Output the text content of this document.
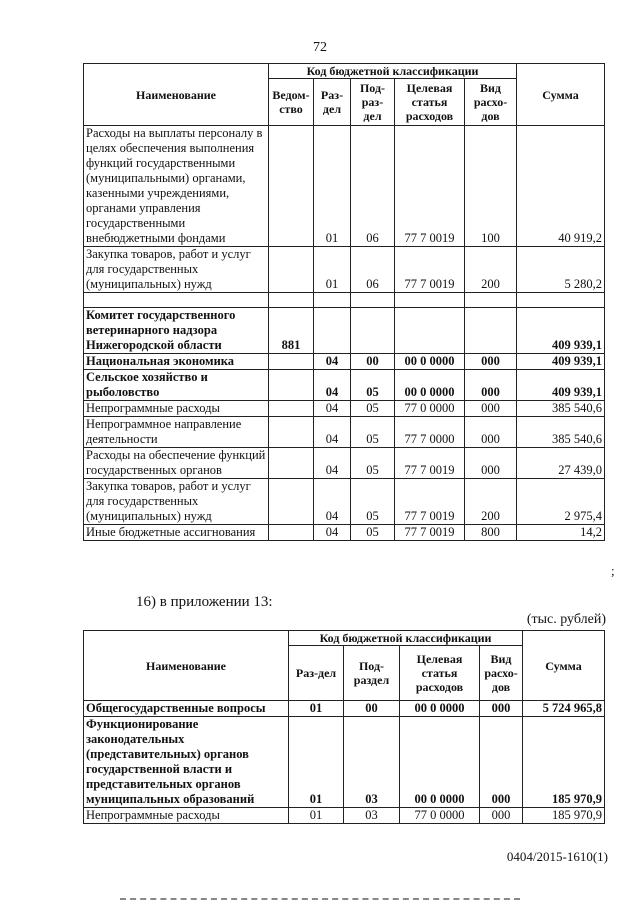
72
Наименование	Код бюджетной классификации					Сумма
	Ведом-ство	Раз-дел	Под-раз-дел	Целевая статья расходов	Вид расхо-дов	
Расходы на выплаты персоналу в целях обеспечения выполнения функций государственными (муниципальными) органами, казенными учреждениями, органами управления государственными внебюджетными фондами		01	06	77 7 0019	100	40 919,2
Закупка товаров, работ и услуг для государственных (муниципальных) нужд		01	06	77 7 0019	200	5 280,2

Комитет государственного ветеринарного надзора Нижегородской области	881					409 939,1
Национальная экономика		04	00	00 0 0000	000	409 939,1
Сельское хозяйство и рыболовство		04	05	00 0 0000	000	409 939,1
Непрограммные расходы		04	05	77 0 0000	000	385 540,6
Непрограммное направление деятельности		04	05	77 7 0000	000	385 540,6
Расходы на обеспечение функций государственных органов		04	05	77 7 0019	000	27 439,0
Закупка товаров, работ и услуг для государственных (муниципальных) нужд		04	05	77 7 0019	200	2 975,4
Иные бюджетные ассигнования		04	05	77 7 0019	800	14,2
;
16) в приложении 13:
(тыс. рублей)
Наименование	Код бюджетной классификации				Сумма
	Раз-дел	Под-раздел	Целевая статья расходов	Вид расхо-дов	
Общегосударственные вопросы	01	00	00 0 0000	000	5 724 965,8
Функционирование законодательных (представительных) органов государственной власти и представительных органов муниципальных образований	01	03	00 0 0000	000	185 970,9
Непрограммные расходы	01	03	77 0 0000	000	185 970,9
0404/2015-1610(1)
